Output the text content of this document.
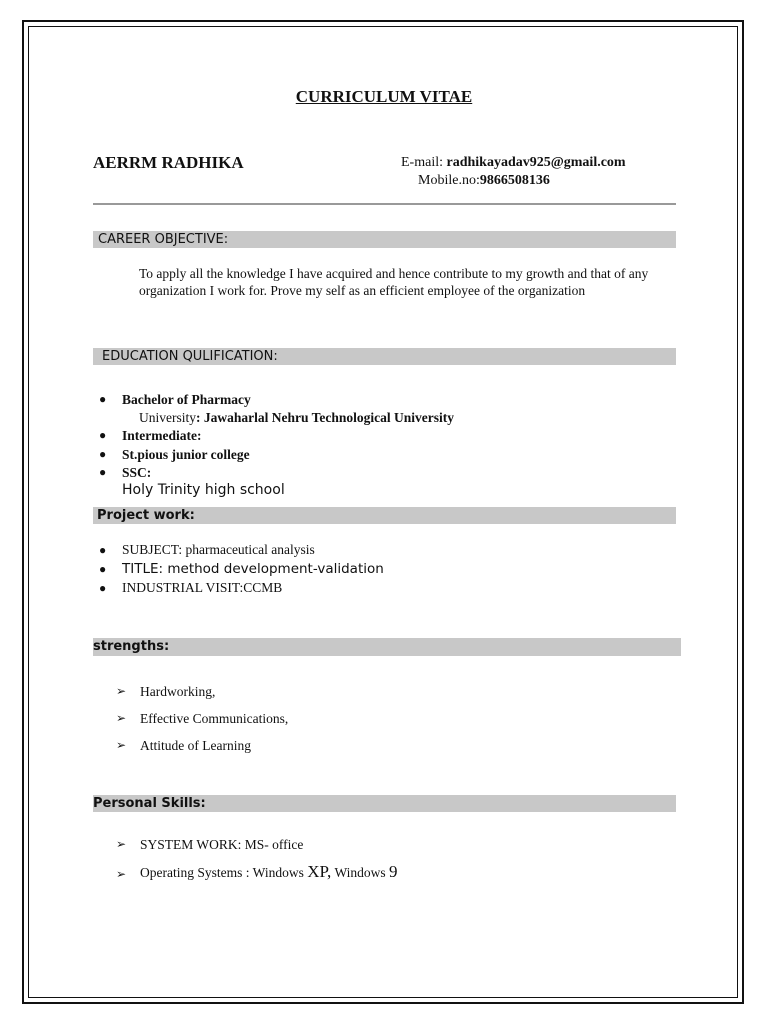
CURRICULUM VITAE
AERRM RADHIKA	E-mail: radhikayadav925@gmail.com
Mobile.no:9866508136
CAREER OBJECTIVE:
To apply all the knowledge I have acquired and hence contribute to my growth and that of any organization I work for. Prove my self as an efficient employee of the organization
EDUCATION QULIFICATION:
● Bachelor of Pharmacy
University: Jawaharlal Nehru Technological University
● Intermediate:
● St.pious junior college
● SSC:
Holy Trinity high school
Project work:
● SUBJECT: pharmaceutical analysis
● TITLE: method development-validation
● INDUSTRIAL VISIT:CCMB
strengths:
➢ Hardworking,
➢ Effective Communications,
➢ Attitude of Learning
Personal Skills:
➢ SYSTEM WORK: MS- office
➢ Operating Systems : Windows XP, Windows 9
